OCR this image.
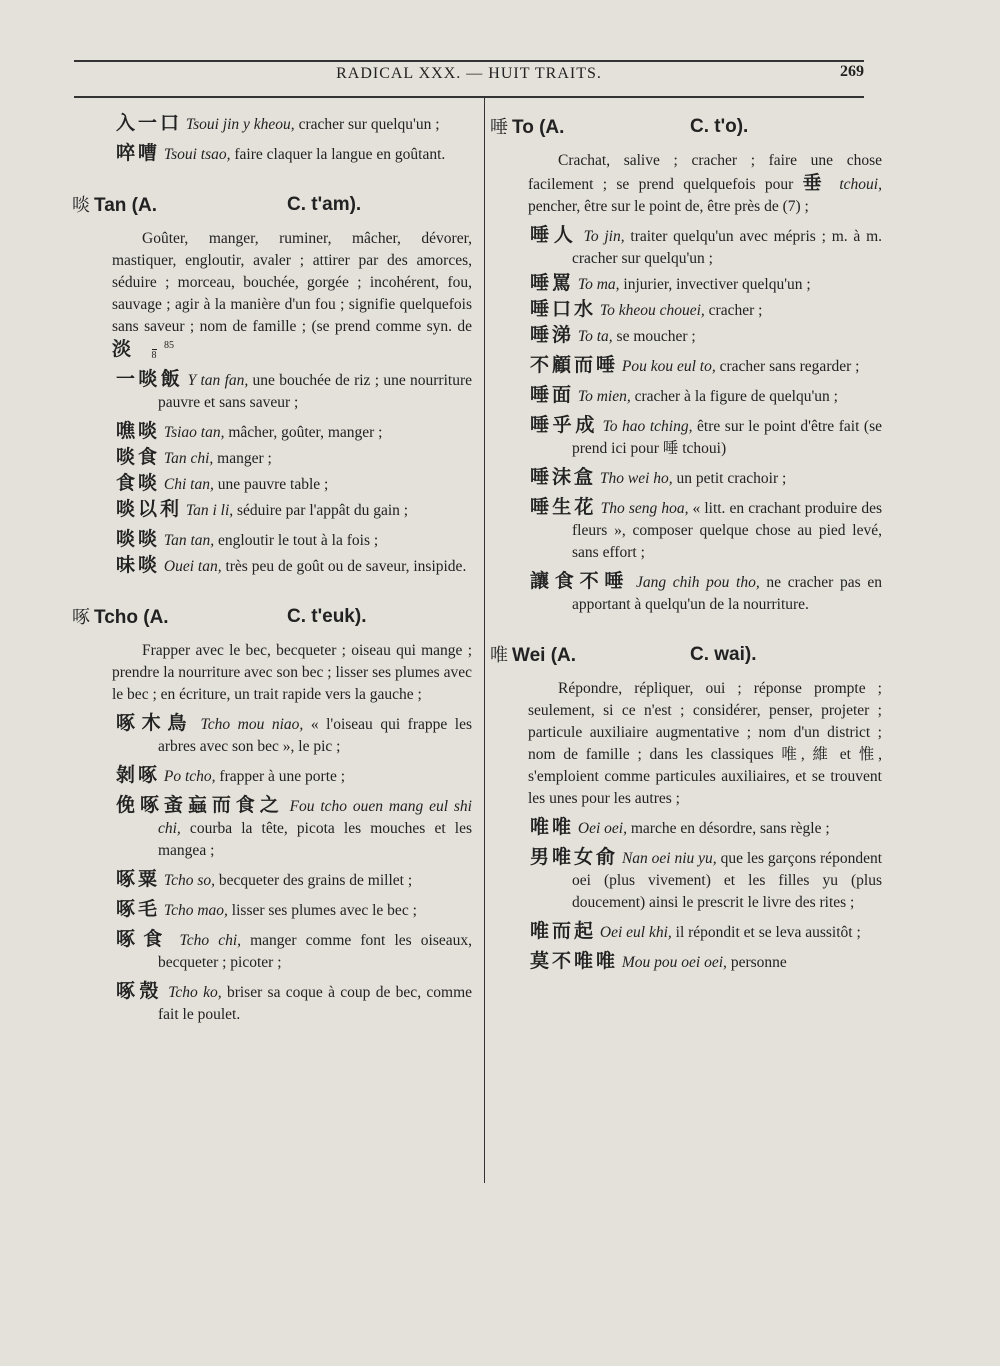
RADICAL XXX. — HUIT TRAITS.	269
入一口 Tsoui jin y kheou, cracher sur quelqu'un ;
啐嘈 Tsoui tsao, faire claquer la langue en goûtant.
啖 Tan (A.	C. t'am).
Goûter, manger, ruminer, mâcher, dévorer, mastiquer, engloutir, avaler ; attirer par des amorces, séduire ; morceau, bouchée, gorgée ; incohérent, fou, sauvage ; agir à la manière d'un fou ; signifie quelquefois sans saveur ; nom de famille ; (se prend comme syn. de 淡	85
8
一啖飯 Y tan fan, une bouchée de riz ; une nourriture pauvre et sans saveur ;
噍啖 Tsiao tan, mâcher, goûter, manger ;
啖食 Tan chi, manger ;
食啖 Chi tan, une pauvre table ;
啖以利 Tan i li, séduire par l'appât du gain ;
啖啖 Tan tan, engloutir le tout à la fois ;
味啖 Ouei tan, très peu de goût ou de saveur, insipide.
啄 Tcho (A.	C. t'euk).
Frapper avec le bec, becqueter ; oiseau qui mange ; prendre la nourriture avec son bec ; lisser ses plumes avec le bec ; en écriture, un trait rapide vers la gauche ;
啄木鳥 Tcho mou niao, « l'oiseau qui frappe les arbres avec son bec », le pic ;
剝啄 Po tcho, frapper à une porte ;
俛啄蚉蝱而食之 Fou tcho ouen mang eul shi chi, courba la tête, picota les mouches et les mangea ;
啄粟 Tcho so, becqueter des grains de millet ;
啄毛 Tcho mao, lisser ses plumes avec le bec ;
啄食 Tcho chi, manger comme font les oiseaux, becqueter ; picoter ;
啄殼 Tcho ko, briser sa coque à coup de bec, comme fait le poulet.
唾 To (A.	C. t'o).
Crachat, salive ; cracher ; faire une chose facilement ; se prend quelquefois pour 垂 tchoui, pencher, être sur le point de, être près de (7) ;
唾人 To jin, traiter quelqu'un avec mépris ; m. à m. cracher sur quelqu'un ;
唾罵 To ma, injurier, invectiver quelqu'un ;
唾口水 To kheou chouei, cracher ;
唾涕 To ta, se moucher ;
不顧而唾 Pou kou eul to, cracher sans regarder ;
唾面 To mien, cracher à la figure de quelqu'un ;
唾乎成 To hao tching, être sur le point d'être fait (se prend ici pour 唾 tchoui)
唾沫盒 Tho wei ho, un petit crachoir ;
唾生花 Tho seng hoa, « litt. en crachant produire des fleurs », composer quelque chose au pied levé, sans effort ;
讓食不唾 Jang chih pou tho, ne cracher pas en apportant à quelqu'un de la nourriture.
唯 Wei (A.	C. wai).
Répondre, répliquer, oui ; réponse prompte ; seulement, si ce n'est ; considérer, penser, projeter ; particule auxiliaire augmentative ; nom d'un district ; nom de famille ; dans les classiques 唯, 維 et 惟, s'emploient comme particules auxiliaires, et se trouvent les unes pour les autres ;
唯唯 Oei oei, marche en désordre, sans règle ;
男唯女俞 Nan oei niu yu, que les garçons répondent oei (plus vivement) et les filles yu (plus doucement) ainsi le prescrit le livre des rites ;
唯而起 Oei eul khi, il répondit et se leva aussitôt ;
莫不唯唯 Mou pou oei oei, personne
